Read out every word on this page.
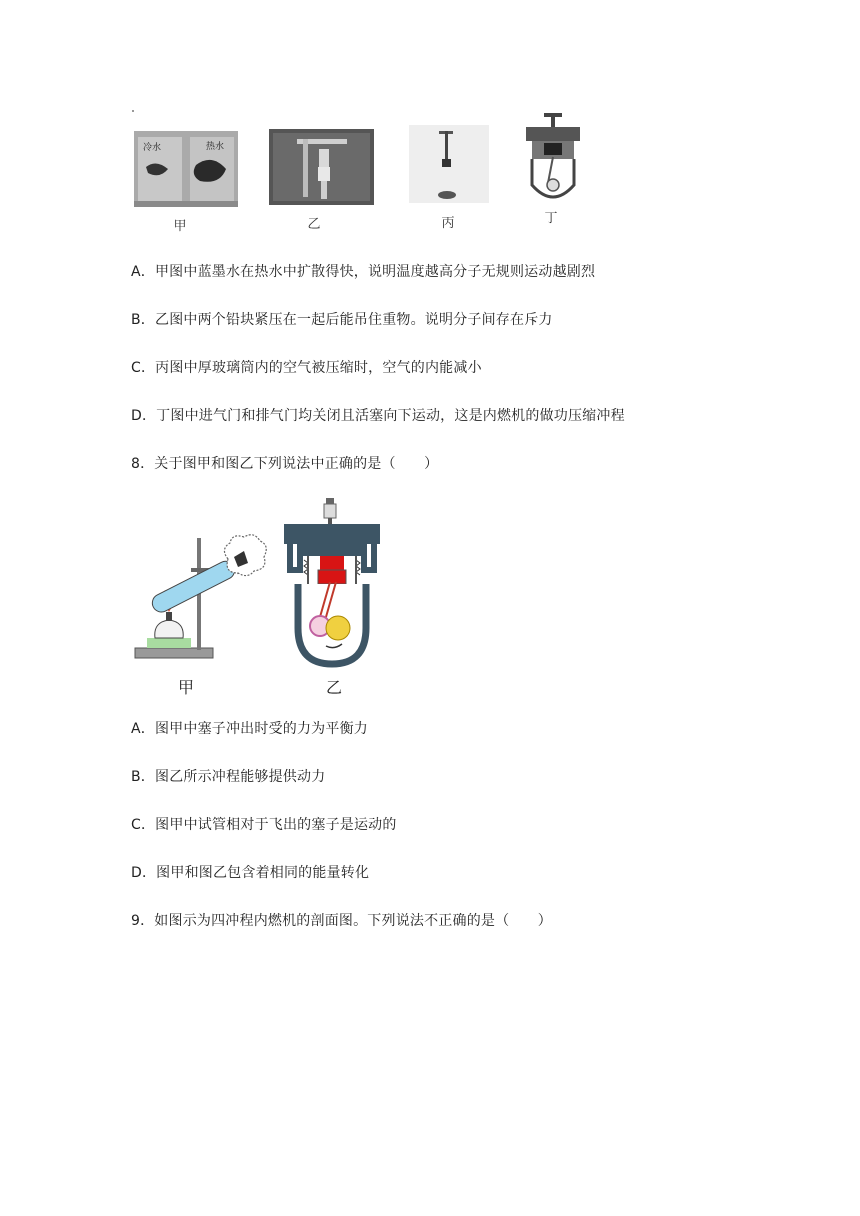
冷水	热水
甲	乙	丙	丁
A．甲图中蓝墨水在热水中扩散得快，说明温度越高分子无规则运动越剧烈
B．乙图中两个铅块紧压在一起后能吊住重物。说明分子间存在斥力
C．丙图中厚玻璃筒内的空气被压缩时，空气的内能减小
D．丁图中进气门和排气门均关闭且活塞向下运动，这是内燃机的做功压缩冲程
8．关于图甲和图乙下列说法中正确的是（　　）
甲	乙
A．图甲中塞子冲出时受的力为平衡力
B．图乙所示冲程能够提供动力
C．图甲中试管相对于飞出的塞子是运动的
D．图甲和图乙包含着相同的能量转化
9．如图示为四冲程内燃机的剖面图。下列说法不正确的是（　　）
